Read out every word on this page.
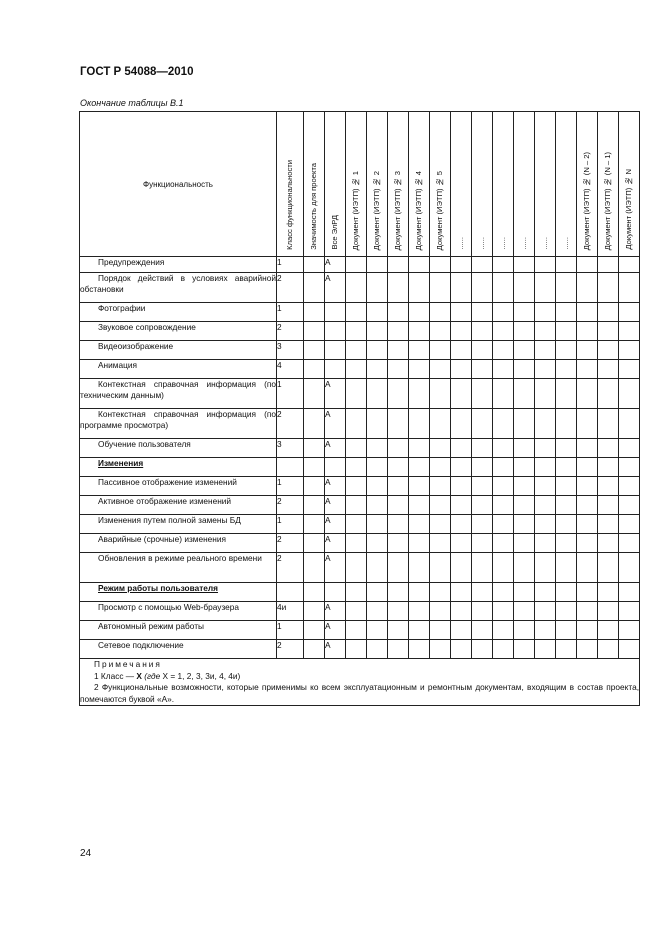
ГОСТ Р 54088—2010
Окончание таблицы В.1
Функциональность	Класс функциональности	Значимость для проекта	Все ЭлРД	Документ (ИЭТП) № 1	Документ (ИЭТП) № 2	Документ (ИЭТП) № 3	Документ (ИЭТП) № 4	Документ (ИЭТП) № 5	......	......	......	......	......	......	Документ (ИЭТП) № (N – 2)	Документ (ИЭТП) № (N – 1)	Документ (ИЭТП) № N

Предупреждения	1		А														

Порядок действий в условиях аварийной обстановки	2		А														

Фотографии	1																

Звуковое сопровождение	2																

Видеоизображение	3																

Анимация	4																

Контекстная справочная информация (по техническим данным)	1		А														

Контекстная справочная информация (по программе просмотра)	2		А														

Обучение пользователя	3		А														

Изменения																	

Пассивное отображение изменений	1		А														

Активное отображение изменений	2		А														

Изменения путем полной замены БД	1		А														

Аварийные (срочные) изменения	2		А														

Обновления в режиме реального времени	2		А														

Режим работы пользователя																	

Просмотр с помощью Web-браузера	4и		А														

Автономный режим работы	1		А														

Сетевое подключение	2		А														

Примечания
1 Класс — X (где X = 1, 2, 3, 3и, 4, 4и)
2 Функциональные возможности, которые применимы ко всем эксплуатационным и ремонтным документам, входящим в состав проекта, помечаются буквой «А».																	
24
